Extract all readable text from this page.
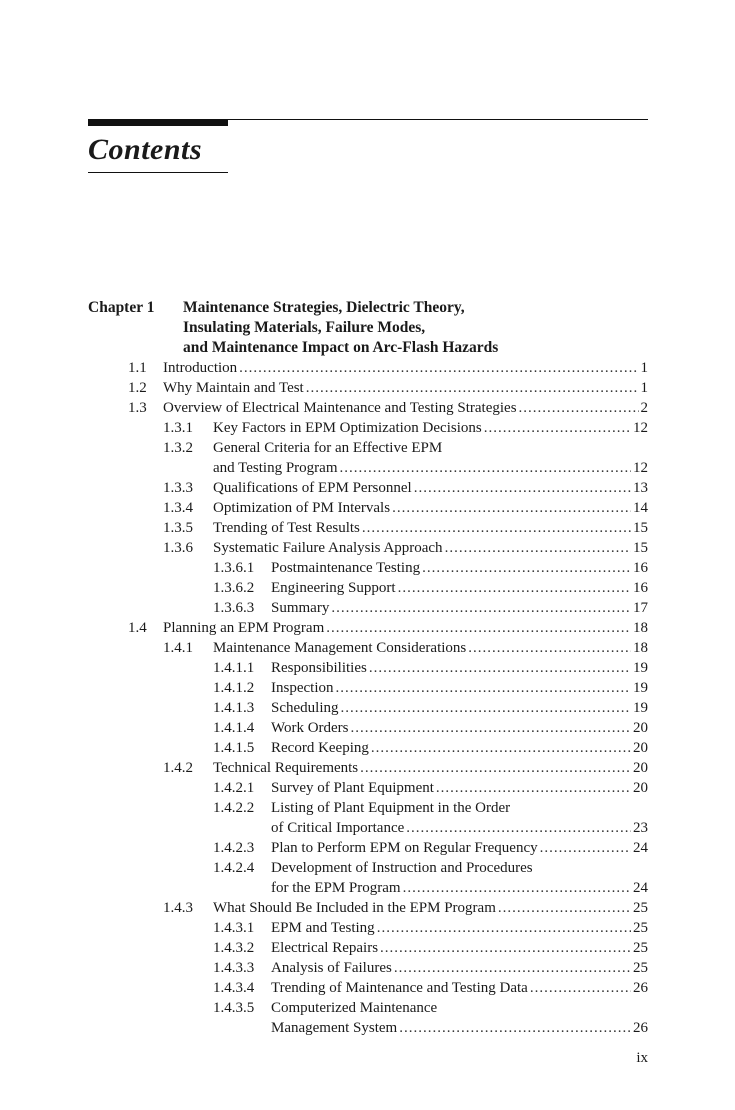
Contents
Chapter 1 Maintenance Strategies, Dielectric Theory,
Insulating Materials, Failure Modes,
and Maintenance Impact on Arc-Flash Hazards
1.1 Introduction .....	1
1.2 Why Maintain and Test .....	1
1.3 Overview of Electrical Maintenance and Testing Strategies .....	2
1.3.1 Key Factors in EPM Optimization Decisions .....	12
1.3.2 General Criteria for an Effective EPM
and Testing Program .....	12
1.3.3 Qualifications of EPM Personnel .....	13
1.3.4 Optimization of PM Intervals .....	14
1.3.5 Trending of Test Results .....	15
1.3.6 Systematic Failure Analysis Approach .....	15
1.3.6.1 Postmaintenance Testing .....	16
1.3.6.2 Engineering Support .....	16
1.3.6.3 Summary .....	17
1.4 Planning an EPM Program .....	18
1.4.1 Maintenance Management Considerations .....	18
1.4.1.1 Responsibilities .....	19
1.4.1.2 Inspection .....	19
1.4.1.3 Scheduling .....	19
1.4.1.4 Work Orders .....	20
1.4.1.5 Record Keeping .....	20
1.4.2 Technical Requirements .....	20
1.4.2.1 Survey of Plant Equipment .....	20
1.4.2.2 Listing of Plant Equipment in the Order
of Critical Importance .....	23
1.4.2.3 Plan to Perform EPM on Regular Frequency .....	24
1.4.2.4 Development of Instruction and Procedures
for the EPM Program .....	24
1.4.3 What Should Be Included in the EPM Program .....	25
1.4.3.1 EPM and Testing .....	25
1.4.3.2 Electrical Repairs .....	25
1.4.3.3 Analysis of Failures .....	25
1.4.3.4 Trending of Maintenance and Testing Data .....	26
1.4.3.5 Computerized Maintenance
Management System .....	26
ix
